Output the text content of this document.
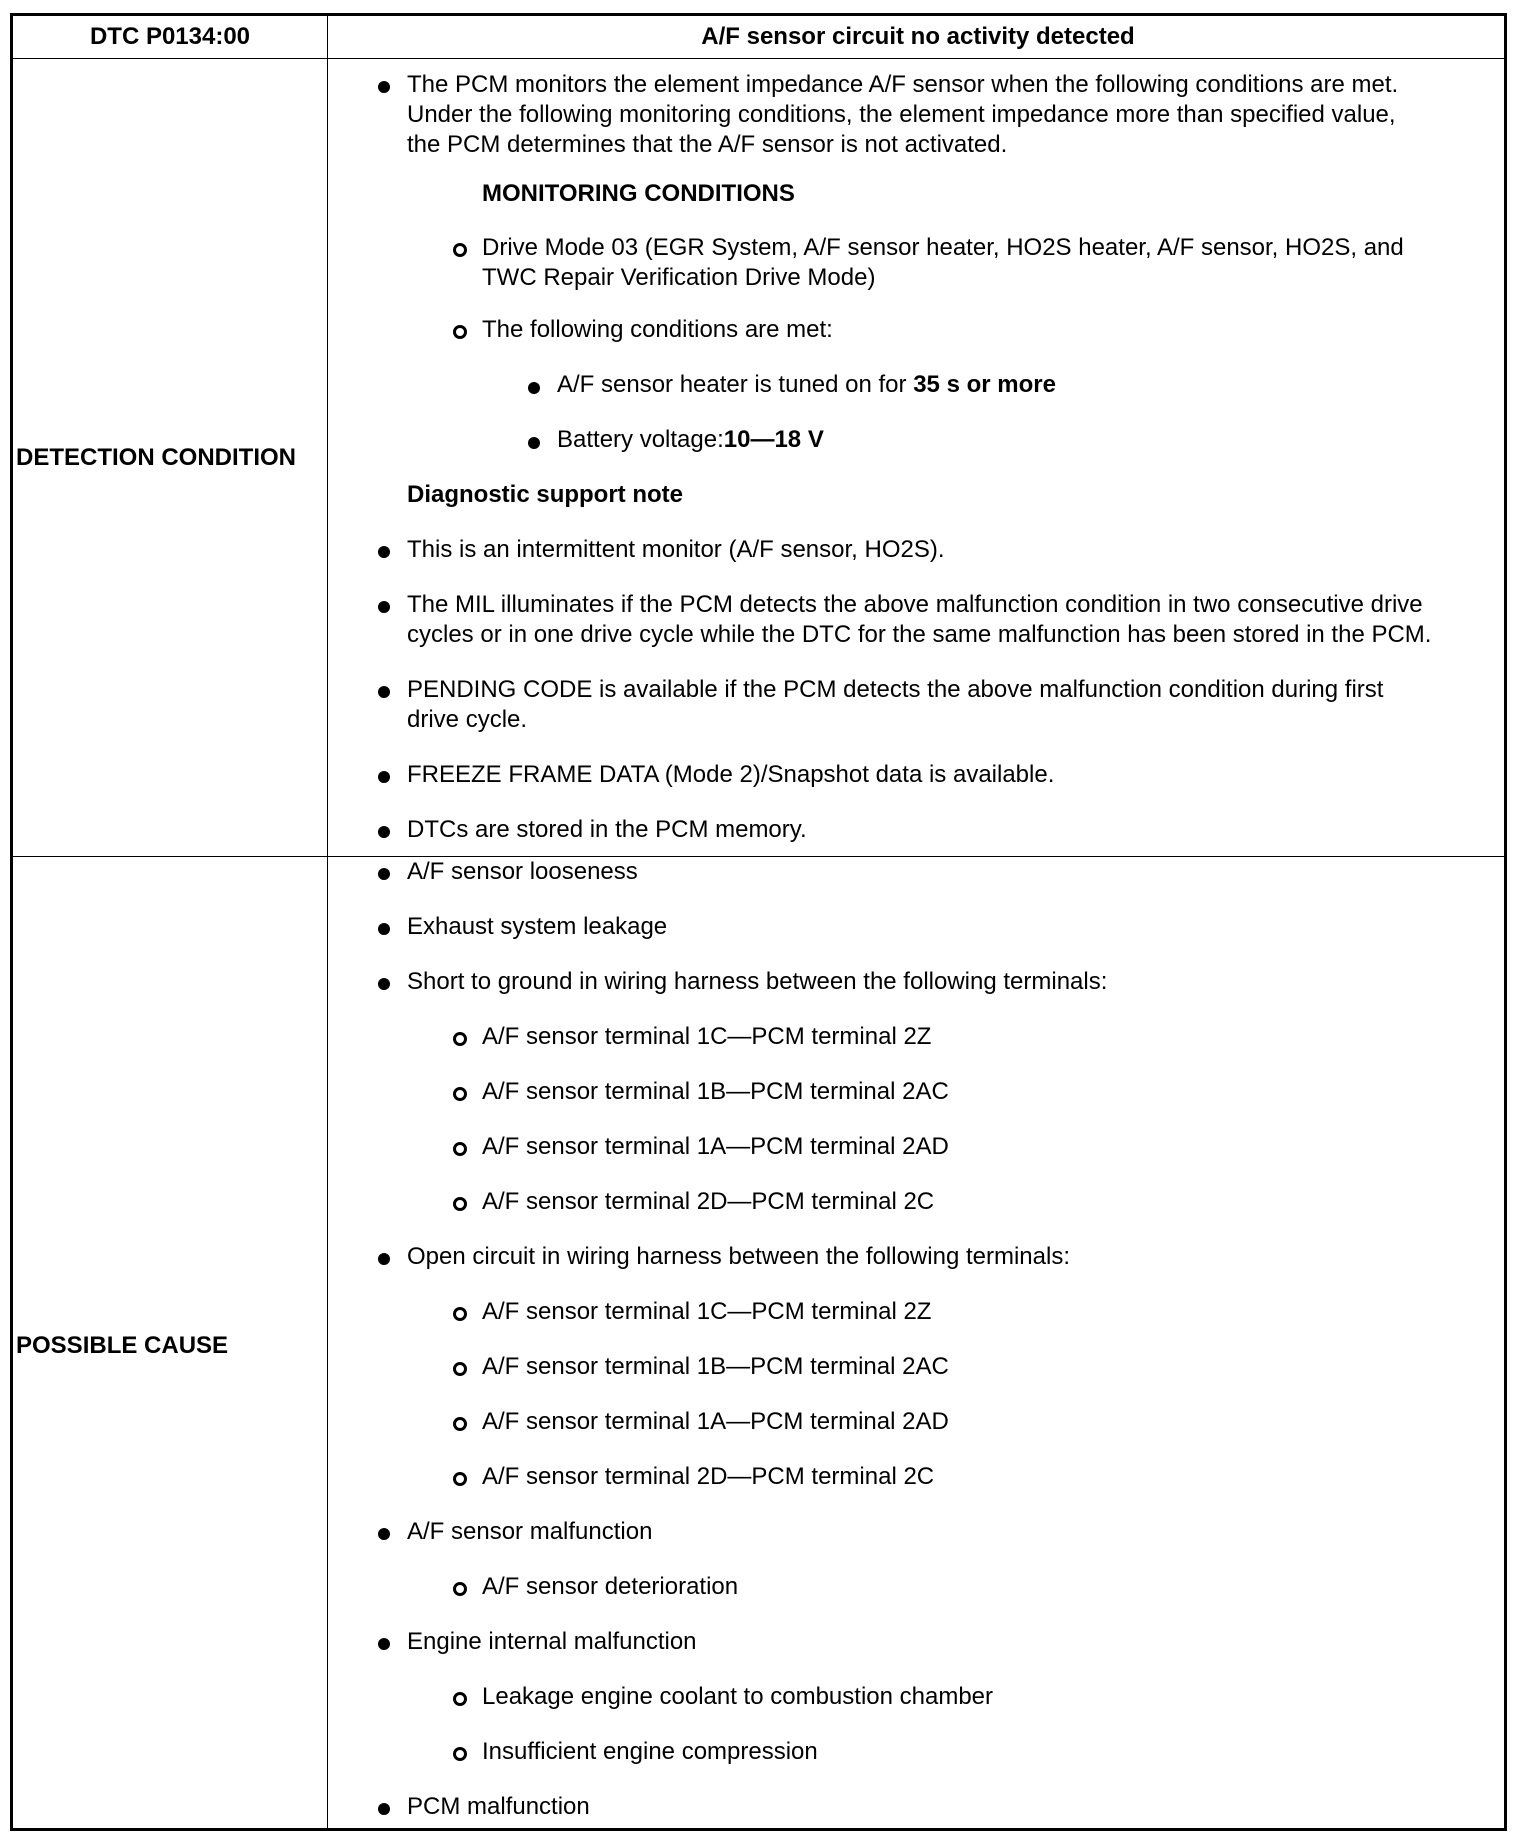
DTC P0134:00	A/F sensor circuit no activity detected
DETECTION CONDITION
POSSIBLE CAUSE
The PCM monitors the element impedance A/F sensor when the following conditions are met.
Under the following monitoring conditions, the element impedance more than specified value,
the PCM determines that the A/F sensor is not activated.
MONITORING CONDITIONS
Drive Mode 03 (EGR System, A/F sensor heater, HO2S heater, A/F sensor, HO2S, and
TWC Repair Verification Drive Mode)
The following conditions are met:
A/F sensor heater is tuned on for 35 s or more
Battery voltage:10—18 V
Diagnostic support note
This is an intermittent monitor (A/F sensor, HO2S).
The MIL illuminates if the PCM detects the above malfunction condition in two consecutive drive
cycles or in one drive cycle while the DTC for the same malfunction has been stored in the PCM.
PENDING CODE is available if the PCM detects the above malfunction condition during first
drive cycle.
FREEZE FRAME DATA (Mode 2)/Snapshot data is available.
DTCs are stored in the PCM memory.
A/F sensor looseness
Exhaust system leakage
Short to ground in wiring harness between the following terminals:
A/F sensor terminal 1C—PCM terminal 2Z
A/F sensor terminal 1B—PCM terminal 2AC
A/F sensor terminal 1A—PCM terminal 2AD
A/F sensor terminal 2D—PCM terminal 2C
Open circuit in wiring harness between the following terminals:
A/F sensor terminal 1C—PCM terminal 2Z
A/F sensor terminal 1B—PCM terminal 2AC
A/F sensor terminal 1A—PCM terminal 2AD
A/F sensor terminal 2D—PCM terminal 2C
A/F sensor malfunction
A/F sensor deterioration
Engine internal malfunction
Leakage engine coolant to combustion chamber
Insufficient engine compression
PCM malfunction
